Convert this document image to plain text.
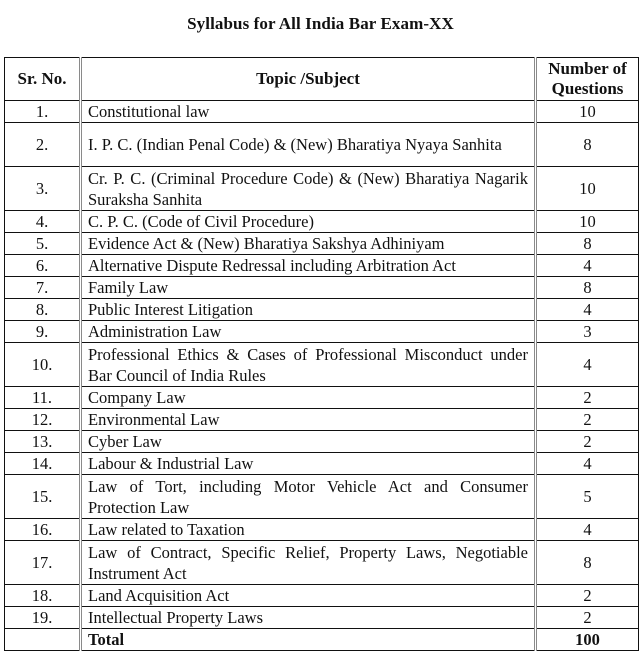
Syllabus for All India Bar Exam-XX
Sr. No.	Topic /Subject	Number of Questions
1.	Constitutional law	10
2.	I. P. C. (Indian Penal Code) & (New) Bharatiya Nyaya Sanhita	8
3.	Cr. P. C. (Criminal Procedure Code) & (New) Bharatiya Nagarik Suraksha Sanhita	10
4.	C. P. C. (Code of Civil Procedure)	10
5.	Evidence Act & (New) Bharatiya Sakshya Adhiniyam	8
6.	Alternative Dispute Redressal including Arbitration Act	4
7.	Family Law	8
8.	Public Interest Litigation	4
9.	Administration Law	3
10.	Professional Ethics & Cases of Professional Misconduct under Bar Council of India Rules	4
11.	Company Law	2
12.	Environmental Law	2
13.	Cyber Law	2
14.	Labour & Industrial Law	4
15.	Law of Tort, including Motor Vehicle Act and Consumer Protection Law	5
16.	Law related to Taxation	4
17.	Law of Contract, Specific Relief, Property Laws, Negotiable Instrument Act	8
18.	Land Acquisition Act	2
19.	Intellectual Property Laws	2
	Total	100
